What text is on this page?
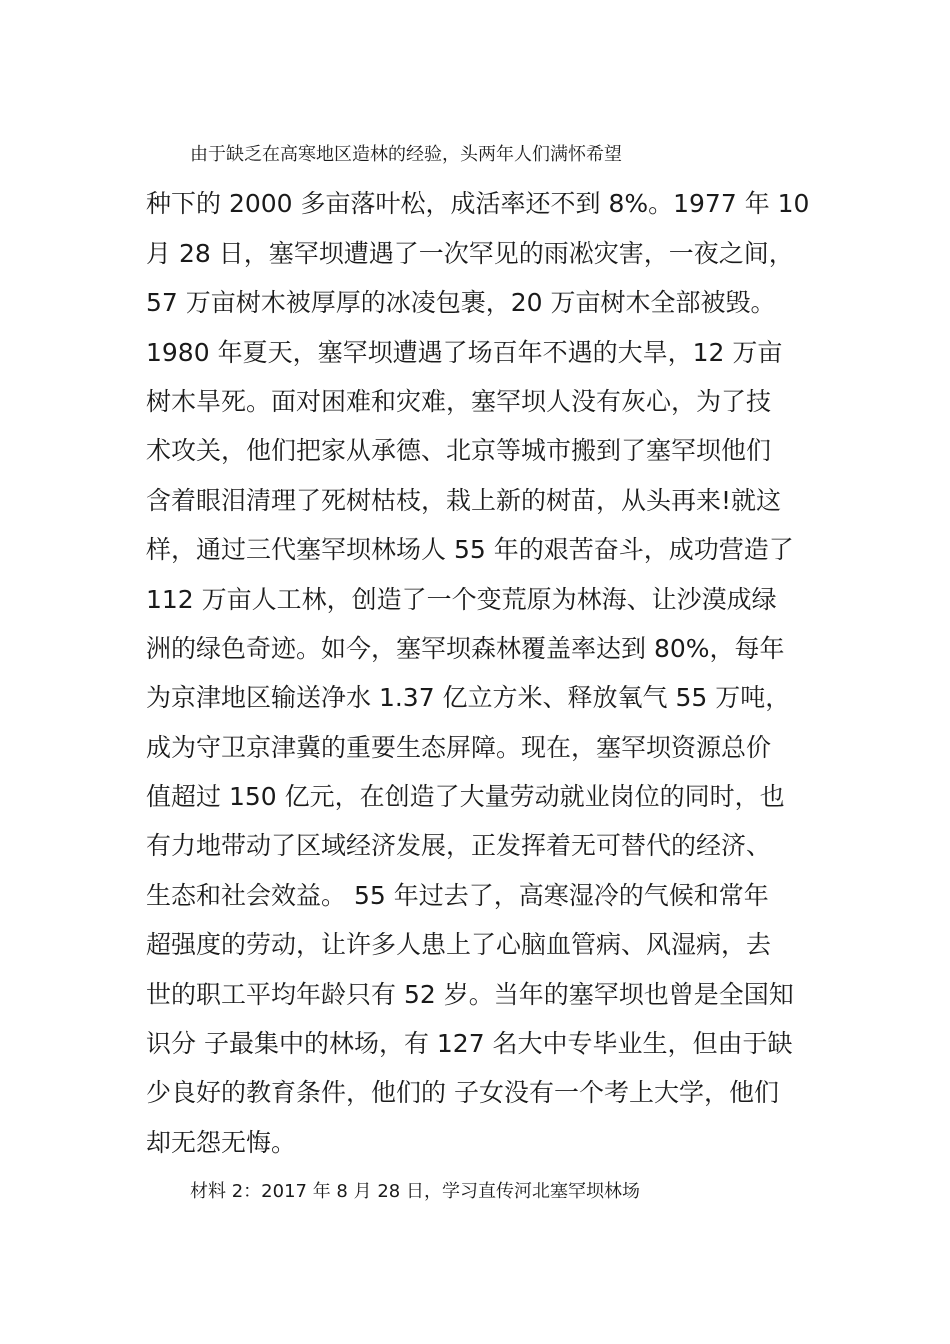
由于缺乏在高寒地区造林的经验，头两年人们满怀希望
种下的 2000 多亩落叶松，成活率还不到 8%。1977 年 10
月 28 日，塞罕坝遭遇了一次罕见的雨凇灾害，一夜之间，
57 万亩树木被厚厚的冰凌包裹，20 万亩树木全部被毁。
1980 年夏天，塞罕坝遭遇了场百年不遇的大旱，12 万亩
树木旱死。面对困难和灾难，塞罕坝人没有灰心，为了技
术攻关，他们把家从承德、北京等城市搬到了塞罕坝他们
含着眼泪清理了死树枯枝，栽上新的树苗，从头再来!就这
样，通过三代塞罕坝林场人 55 年的艰苦奋斗，成功营造了
112 万亩人工林，创造了一个变荒原为林海、让沙漠成绿
洲的绿色奇迹。如今，塞罕坝森林覆盖率达到 80%，每年
为京津地区输送净水 1.37 亿立方米、释放氧气 55 万吨，
成为守卫京津冀的重要生态屏障。现在，塞罕坝资源总价
值超过 150 亿元，在创造了大量劳动就业岗位的同时，也
有力地带动了区域经济发展，正发挥着无可替代的经济、
生态和社会效益。 55 年过去了，高寒湿冷的气候和常年
超强度的劳动，让许多人患上了心脑血管病、风湿病，去
世的职工平均年龄只有 52 岁。当年的塞罕坝也曾是全国知
识分 子最集中的林场，有 127 名大中专毕业生，但由于缺
少良好的教育条件，他们的 子女没有一个考上大学，他们
却无怨无悔。
材料 2：2017 年 8 月 28 日，学习直传河北塞罕坝林场
